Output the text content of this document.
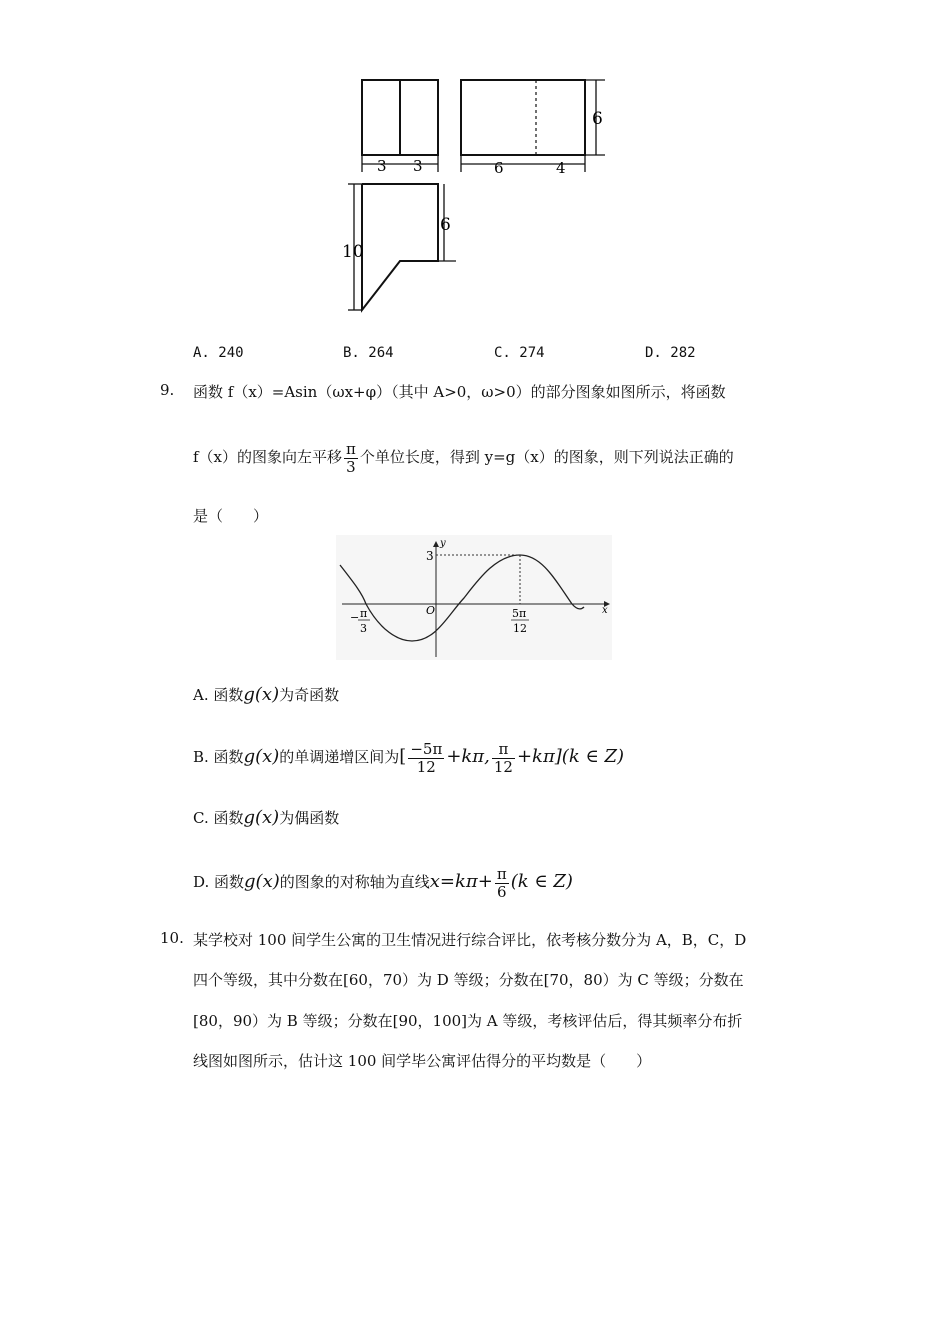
3 3	6	4
6
10
6
A. 240	B. 264	C. 274	D. 282
9. 函数 f（x）=Asin（ωx+φ）（其中 A>0，ω>0）的部分图象如图所示，将函数
f（x）的图象向左平移 $\frac{\pi}{3}$ 个单位长度，得到 y=g（x）的图象，则下列说法正确的
是（　　）
y
x
3
O
− π
3
5π
12
A. 函数g(x)为奇函数
B. 函数g(x)的单调递增区间为[ $\frac{-5\pi}{12} +k\pi$, $\frac{\pi}{12} +k\pi](k$ ∈ Z)
C. 函数g(x)为偶函数
D. 函数g(x)的图象的对称轴为直线$x=k\pi+ \frac{\pi}{6} (k$ ∈ Z)
10. 某学校对 100 间学生公寓的卫生情况进行综合评比，依考核分数分为 A，B，C，D
四个等级，其中分数在[60，70）为 D 等级；分数在[70，80）为 C 等级；分数在
[80，90）为 B 等级；分数在[90，100]为 A 等级，考核评估后，得其频率分布折
线图如图所示，估计这 100 间学毕公寓评估得分的平均数是（　　）
